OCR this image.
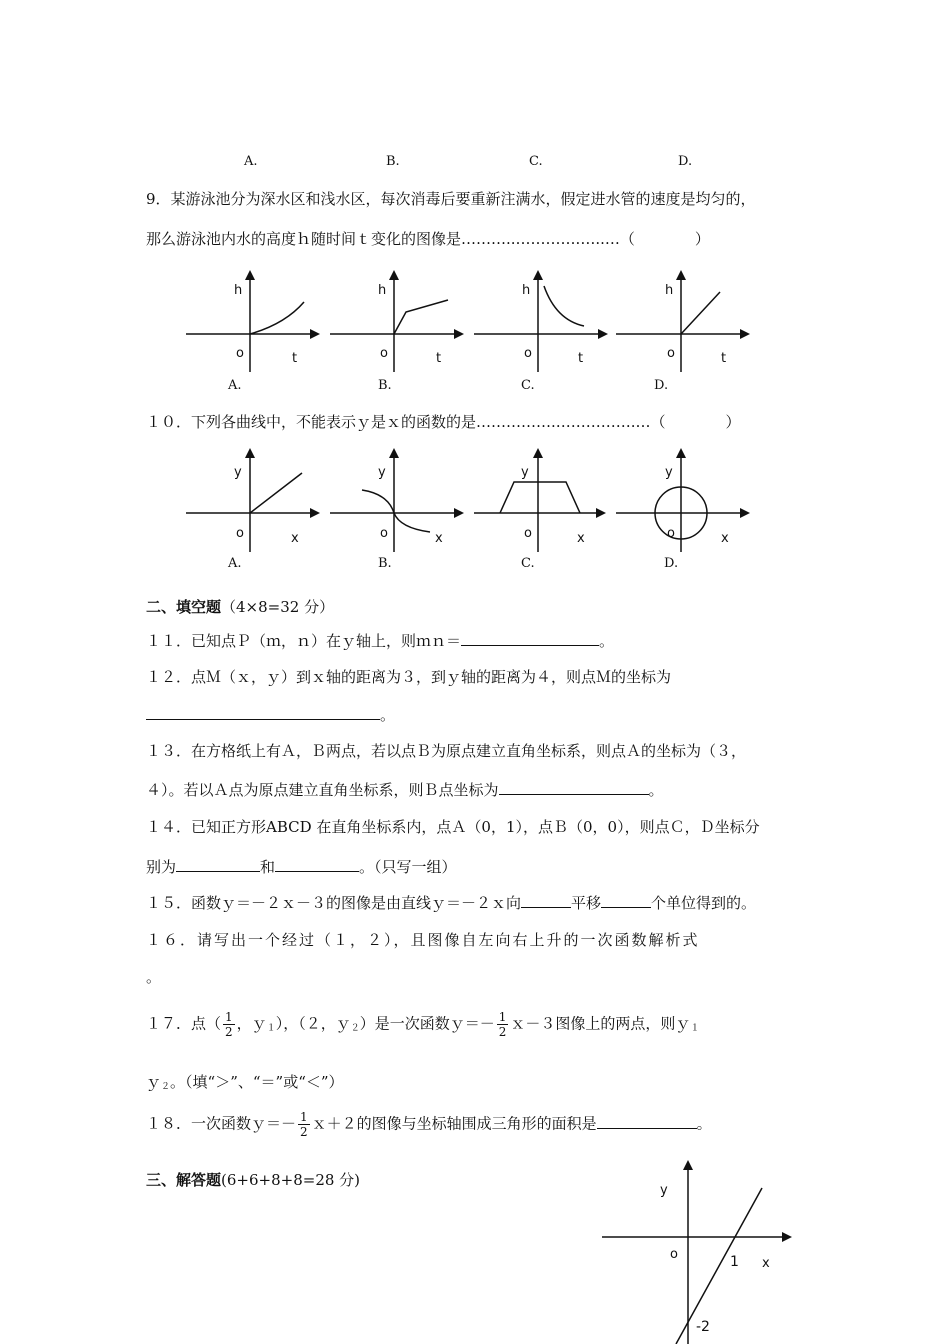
A.	B.	C.	D.
9．某游泳池分为深水区和浅水区，每次消毒后要重新注满水，假定进水管的速度是均匀的，
那么游泳池内水的高度ｈ随时间ｔ变化的图像是………..………….…..…（　　　　）
h
o	t
h
o	t
h
o	t
h
o	t
A.	B.	C.	D.
１０．下列各曲线中，不能表示ｙ是ｘ的函数的是…………….…………….…（　　　　）
y
o	x
y
o	x
y
o	x
y
o	x
A.	B.	C.	D.
二、填空题（4×8=32 分）
１１．已知点Ｐ（ｍ，ｎ）在ｙ轴上，则ｍｎ＝	。
１２．点Ｍ（ｘ，ｙ）到ｘ轴的距离为３，到ｙ轴的距离为４，则点Ｍ的坐标为
。
１３．在方格纸上有Ａ，Ｂ两点，若以点Ｂ为原点建立直角坐标系，则点Ａ的坐标为（３，
４）。若以Ａ点为原点建立直角坐标系，则Ｂ点坐标为	。
１４．已知正方形ABCD 在直角坐标系内，点Ａ（0，1），点Ｂ（0，0），则点Ｃ，Ｄ坐标分
别为	和	。（只写一组）
１５．函数ｙ＝－２ｘ－３的图像是由直线ｙ＝－２ｘ向	平移	个单位得到的。
１６．请写出一个经过（１，２），且图像自左向右上升的一次函数解析式
。
１７．点（ $\frac{1}{2}$ ，ｙ$_1$），（２，ｙ$_2$）是一次函数ｙ＝－ $\frac{1}{2}$ ｘ－３图像上的两点，则ｙ$_1$
ｙ$_2$。（填“＞”、“＝”或“＜”）
１８．一次函数ｙ＝－ $\frac{1}{2}$ ｘ＋２的图像与坐标轴围成三角形的面积是	。
三、解答题(6+6+8+8=28 分)
y
o	1 x
-2
